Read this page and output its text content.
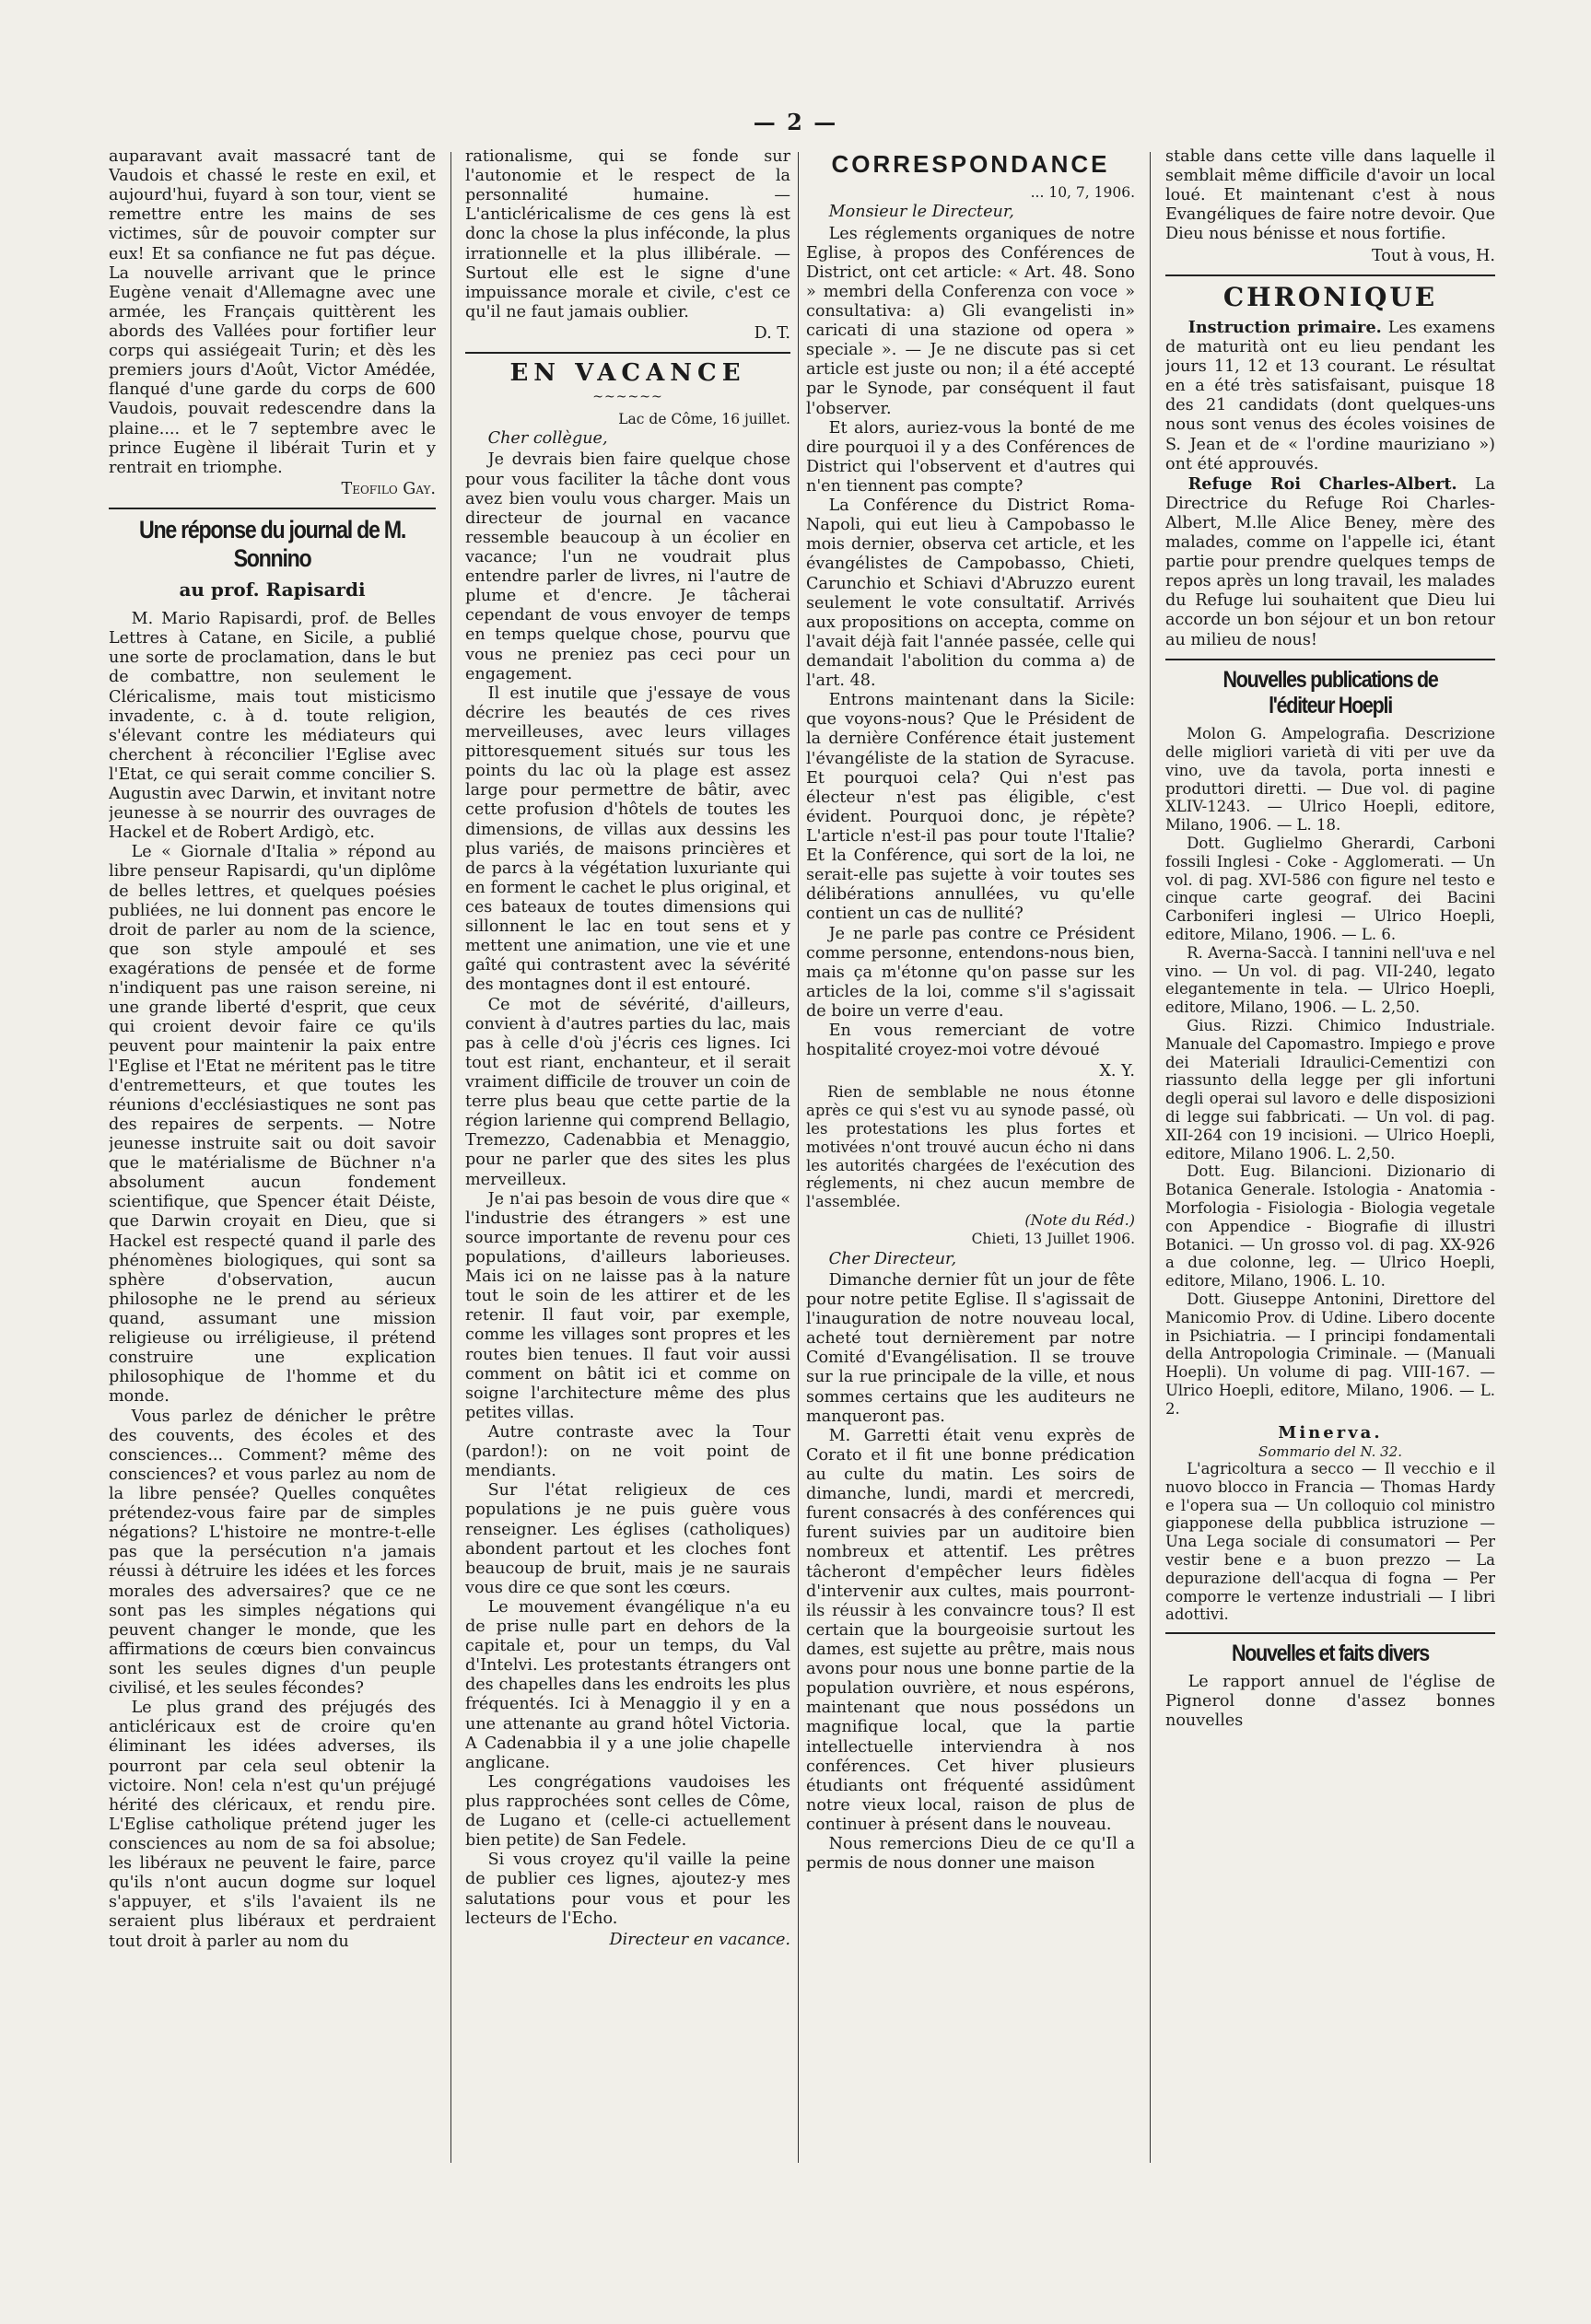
— 2 —

auparavant avait massacré tant de Vaudois et chassé le reste en exil, et aujourd'hui, fuyard à son tour, vient se remettre entre les mains de ses victimes, sûr de pouvoir compter sur eux! Et sa confiance ne fut pas déçue. La nouvelle arrivant que le prince Eugène venait d'Allemagne avec une armée, les Français quittèrent les abords des Vallées pour fortifier leur corps qui assiégeait Turin; et dès les premiers jours d'Août, Victor Amédée, flanqué d'une garde du corps de 600 Vaudois, pouvait redescendre dans la plaine.... et le 7 septembre avec le prince Eugène il libérait Turin et y rentrait en triomphe.

Teofilo Gay.

Une réponse du journal de M. Sonnino
au prof. Rapisardi

M. Mario Rapisardi, prof. de Belles Lettres à Catane, en Sicile, a publié une sorte de proclamation, dans le but de combattre, non seulement le Cléricalisme, mais tout misticismo invadente, c. à d. toute religion, s'élevant contre les médiateurs qui cherchent à réconcilier l'Eglise avec l'Etat, ce qui serait comme concilier S. Augustin avec Darwin, et invitant notre jeunesse à se nourrir des ouvrages de Hackel et de Robert Ardigò, etc.

Le « Giornale d'Italia » répond au libre penseur Rapisardi, qu'un diplôme de belles lettres, et quelques poésies publiées, ne lui donnent pas encore le droit de parler au nom de la science, que son style ampoulé et ses exagérations de pensée et de forme n'indiquent pas une raison sereine, ni une grande liberté d'esprit, que ceux qui croient devoir faire ce qu'ils peuvent pour maintenir la paix entre l'Eglise et l'Etat ne méritent pas le titre d'entremetteurs, et que toutes les réunions d'ecclésiastiques ne sont pas des repaires de serpents. — Notre jeunesse instruite sait ou doit savoir que le matérialisme de Büchner n'a absolument aucun fondement scientifique, que Spencer était Déiste, que Darwin croyait en Dieu, que si Hackel est respecté quand il parle des phénomènes biologiques, qui sont sa sphère d'observation, aucun philosophe ne le prend au sérieux quand, assumant une mission religieuse ou irréligieuse, il prétend construire une explication philosophique de l'homme et du monde.

Vous parlez de dénicher le prêtre des couvents, des écoles et des consciences... Comment? même des consciences? et vous parlez au nom de la libre pensée? Quelles conquêtes prétendez-vous faire par de simples négations? L'histoire ne montre-t-elle pas que la persécution n'a jamais réussi à détruire les idées et les forces morales des adversaires? que ce ne sont pas les simples négations qui peuvent changer le monde, que les affirmations de cœurs bien convaincus sont les seules dignes d'un peuple civilisé, et les seules fécondes?

Le plus grand des préjugés des anticléricaux est de croire qu'en éliminant les idées adverses, ils pourront par cela seul obtenir la victoire. Non! cela n'est qu'un préjugé hérité des cléricaux, et rendu pire. L'Eglise catholique prétend juger les consciences au nom de sa foi absolue; les libéraux ne peuvent le faire, parce qu'ils n'ont aucun dogme sur loquel s'appuyer, et s'ils l'avaient ils ne seraient plus libéraux et perdraient tout droit à parler au nom du

rationalisme, qui se fonde sur l'autonomie et le respect de la personnalité humaine. — L'anticléricalisme de ces gens là est donc la chose la plus inféconde, la plus irrationnelle et la plus illibérale. — Surtout elle est le signe d'une impuissance morale et civile, c'est ce qu'il ne faut jamais oublier.

D. T.

EN VACANCE
~~~~~~
Lac de Côme, 16 juillet.
Cher collègue,

Je devrais bien faire quelque chose pour vous faciliter la tâche dont vous avez bien voulu vous charger. Mais un directeur de journal en vacance ressemble beaucoup à un écolier en vacance; l'un ne voudrait plus entendre parler de livres, ni l'autre de plume et d'encre. Je tâcherai cependant de vous envoyer de temps en temps quelque chose, pourvu que vous ne preniez pas ceci pour un engagement.

Il est inutile que j'essaye de vous décrire les beautés de ces rives merveilleuses, avec leurs villages pittoresquement situés sur tous les points du lac où la plage est assez large pour permettre de bâtir, avec cette profusion d'hôtels de toutes les dimensions, de villas aux dessins les plus variés, de maisons princières et de parcs à la végétation luxuriante qui en forment le cachet le plus original, et ces bateaux de toutes dimensions qui sillonnent le lac en tout sens et y mettent une animation, une vie et une gaîté qui contrastent avec la sévérité des montagnes dont il est entouré.

Ce mot de sévérité, d'ailleurs, convient à d'autres parties du lac, mais pas à celle d'où j'écris ces lignes. Ici tout est riant, enchanteur, et il serait vraiment difficile de trouver un coin de terre plus beau que cette partie de la région larienne qui comprend Bellagio, Tremezzo, Cadenabbia et Menaggio, pour ne parler que des sites les plus merveilleux.

Je n'ai pas besoin de vous dire que « l'industrie des étrangers » est une source importante de revenu pour ces populations, d'ailleurs laborieuses. Mais ici on ne laisse pas à la nature tout le soin de les attirer et de les retenir. Il faut voir, par exemple, comme les villages sont propres et les routes bien tenues. Il faut voir aussi comment on bâtit ici et comme on soigne l'architecture même des plus petites villas.

Autre contraste avec la Tour (pardon!): on ne voit point de mendiants.

Sur l'état religieux de ces populations je ne puis guère vous renseigner. Les églises (catholiques) abondent partout et les cloches font beaucoup de bruit, mais je ne saurais vous dire ce que sont les cœurs.

Le mouvement évangélique n'a eu de prise nulle part en dehors de la capitale et, pour un temps, du Val d'Intelvi. Les protestants étrangers ont des chapelles dans les endroits les plus fréquentés. Ici à Menaggio il y en a une attenante au grand hôtel Victoria. A Cadenabbia il y a une jolie chapelle anglicane.

Les congrégations vaudoises les plus rapprochées sont celles de Côme, de Lugano et (celle-ci actuellement bien petite) de San Fedele.

Si vous croyez qu'il vaille la peine de publier ces lignes, ajoutez-y mes salutations pour vous et pour les lecteurs de l'Echo.

Directeur en vacance.

CORRESPONDANCE
... 10, 7, 1906.
Monsieur le Directeur,

Les réglements organiques de notre Eglise, à propos des Conférences de District, ont cet article: « Art. 48. Sono » membri della Conferenza con voce » consultativa: a) Gli evangelisti in» caricati di una stazione od opera » speciale ». — Je ne discute pas si cet article est juste ou non; il a été accepté par le Synode, par conséquent il faut l'observer.

Et alors, auriez-vous la bonté de me dire pourquoi il y a des Conférences de District qui l'observent et d'autres qui n'en tiennent pas compte?

La Conférence du District Roma-Napoli, qui eut lieu à Campobasso le mois dernier, observa cet article, et les évangélistes de Campobasso, Chieti, Carunchio et Schiavi d'Abruzzo eurent seulement le vote consultatif. Arrivés aux propositions on accepta, comme on l'avait déjà fait l'année passée, celle qui demandait l'abolition du comma a) de l'art. 48.

Entrons maintenant dans la Sicile: que voyons-nous? Que le Président de la dernière Conférence était justement l'évangéliste de la station de Syracuse. Et pourquoi cela? Qui n'est pas électeur n'est pas éligible, c'est évident. Pourquoi donc, je répète? L'article n'est-il pas pour toute l'Italie? Et la Conférence, qui sort de la loi, ne serait-elle pas sujette à voir toutes ses délibérations annullées, vu qu'elle contient un cas de nullité?

Je ne parle pas contre ce Président comme personne, entendons-nous bien, mais ça m'étonne qu'on passe sur les articles de la loi, comme s'il s'agissait de boire un verre d'eau.

En vous remerciant de votre hospitalité croyez-moi votre dévoué

X. Y.

Rien de semblable ne nous étonne après ce qui s'est vu au synode passé, où les protestations les plus fortes et motivées n'ont trouvé aucun écho ni dans les autorités chargées de l'exécution des réglements, ni chez aucun membre de l'assemblée.

(Note du Réd.)
Chieti, 13 Juillet 1906.
Cher Directeur,

Dimanche dernier fût un jour de fête pour notre petite Eglise. Il s'agissait de l'inauguration de notre nouveau local, acheté tout dernièrement par notre Comité d'Evangélisation. Il se trouve sur la rue principale de la ville, et nous sommes certains que les auditeurs ne manqueront pas.

M. Garretti était venu exprès de Corato et il fit une bonne prédication au culte du matin. Les soirs de dimanche, lundi, mardi et mercredi, furent consacrés à des conférences qui furent suivies par un auditoire bien nombreux et attentif. Les prêtres tâcheront d'empêcher leurs fidèles d'intervenir aux cultes, mais pourront-ils réussir à les convaincre tous? Il est certain que la bourgeoisie surtout les dames, est sujette au prêtre, mais nous avons pour nous une bonne partie de la population ouvrière, et nous espérons, maintenant que nous possédons un magnifique local, que la partie intellectuelle interviendra à nos conférences. Cet hiver plusieurs étudiants ont fréquenté assidûment notre vieux local, raison de plus de continuer à présent dans le nouveau.

Nous remercions Dieu de ce qu'Il a permis de nous donner une maison

stable dans cette ville dans laquelle il semblait même difficile d'avoir un local loué. Et maintenant c'est à nous Evangéliques de faire notre devoir. Que Dieu nous bénisse et nous fortifie.

Tout à vous, H.

CHRONIQUE

Instruction primaire. Les examens de maturità ont eu lieu pendant les jours 11, 12 et 13 courant. Le résultat en a été très satisfaisant, puisque 18 des 21 candidats (dont quelques-uns nous sont venus des écoles voisines de S. Jean et de « l'ordine mauriziano ») ont été approuvés.

Refuge Roi Charles-Albert. La Directrice du Refuge Roi Charles-Albert, M.lle Alice Beney, mère des malades, comme on l'appelle ici, étant partie pour prendre quelques temps de repos après un long travail, les malades du Refuge lui souhaitent que Dieu lui accorde un bon séjour et un bon retour au milieu de nous!

Nouvelles publications de l'éditeur Hoepli

Molon G. Ampelografia. Descrizione delle migliori varietà di viti per uve da vino, uve da tavola, porta innesti e produttori diretti. — Due vol. di pagine XLIV-1243. — Ulrico Hoepli, editore, Milano, 1906. — L. 18.

Dott. Guglielmo Gherardi, Carboni fossili Inglesi - Coke - Agglomerati. — Un vol. di pag. XVI-586 con figure nel testo e cinque carte geograf. dei Bacini Carboniferi inglesi — Ulrico Hoepli, editore, Milano, 1906. — L. 6.

R. Averna-Saccà. I tannini nell'uva e nel vino. — Un vol. di pag. VII-240, legato elegantemente in tela. — Ulrico Hoepli, editore, Milano, 1906. — L. 2,50.

Gius. Rizzi. Chimico Industriale. Manuale del Capomastro. Impiego e prove dei Materiali Idraulici-Cementizi con riassunto della legge per gli infortuni degli operai sul lavoro e delle disposizioni di legge sui fabbricati. — Un vol. di pag. XII-264 con 19 incisioni. — Ulrico Hoepli, editore, Milano 1906. L. 2,50.

Dott. Eug. Bilancioni. Dizionario di Botanica Generale. Istologia - Anatomia - Morfologia - Fisiologia - Biologia vegetale con Appendice - Biografie di illustri Botanici. — Un grosso vol. di pag. XX-926 a due colonne, leg. — Ulrico Hoepli, editore, Milano, 1906. L. 10.

Dott. Giuseppe Antonini, Direttore del Manicomio Prov. di Udine. Libero docente in Psichiatria. — I principi fondamentali della Antropologia Criminale. — (Manuali Hoepli). Un volume di pag. VIII-167. — Ulrico Hoepli, editore, Milano, 1906. — L. 2.

Minerva.
Sommario del N. 32.

L'agricoltura a secco — Il vecchio e il nuovo blocco in Francia — Thomas Hardy e l'opera sua — Un colloquio col ministro giapponese della pubblica istruzione — Una Lega sociale di consumatori — Per vestir bene e a buon prezzo — La depurazione dell'acqua di fogna — Per comporre le vertenze industriali — I libri adottivi.

Nouvelles et faits divers

Le rapport annuel de l'église de Pignerol donne d'assez bonnes nouvelles
